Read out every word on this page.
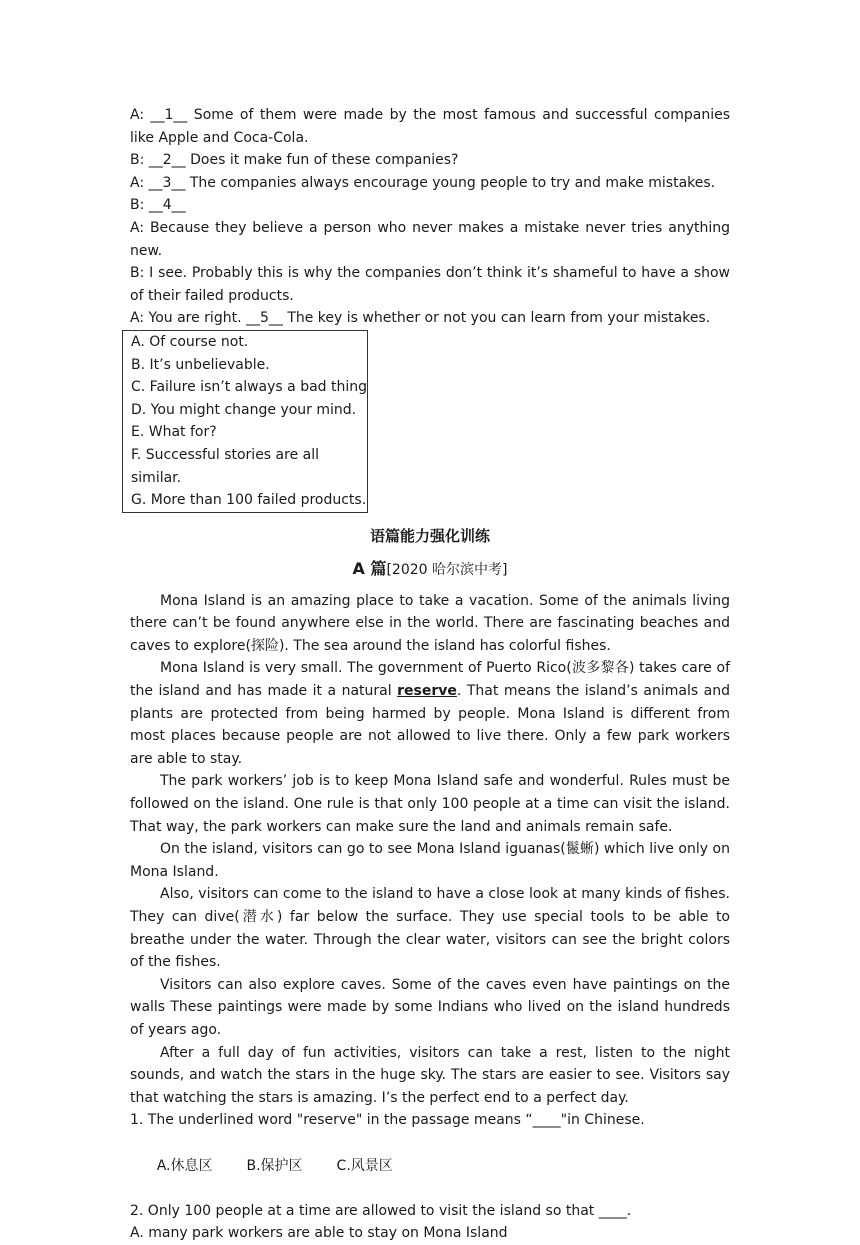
A: __1__ Some of them were made by the most famous and successful companies like Apple and Coca-Cola.

B: __2__ Does it make fun of these companies?

A: __3__ The companies always encourage young people to try and make mistakes.

B: __4__

A: Because they believe a person who never makes a mistake never tries anything new.

B: I see. Probably this is why the companies don’t think it’s shameful to have a show of their failed products.

A: You are right. __5__ The key is whether or not you can learn from your mistakes.

A. Of course not.

B. It’s unbelievable.

C. Failure isn’t always a bad thing

D. You might change your mind.

E. What for?

F. Successful stories are all similar.

G. More than 100 failed products.

语篇能力强化训练
A 篇[2020 哈尔滨中考]

Mona Island is an amazing place to take a vacation. Some of the animals living there can’t be found anywhere else in the world. There are fascinating beaches and caves to explore(探险). The sea around the island has colorful fishes.

Mona Island is very small. The government of Puerto Rico(波多黎各) takes care of the island and has made it a natural reserve. That means the island’s animals and plants are protected from being harmed by people. Mona Island is different from most places because people are not allowed to live there. Only a few park workers are able to stay.

The park workers’ job is to keep Mona Island safe and wonderful. Rules must be followed on the island. One rule is that only 100 people at a time can visit the island. That way, the park workers can make sure the land and animals remain safe.

On the island, visitors can go to see Mona Island iguanas(鬣蜥) which live only on Mona Island.

Also, visitors can come to the island to have a close look at many kinds of fishes. They can dive(潜水) far below the surface. They use special tools to be able to breathe under the water. Through the clear water, visitors can see the bright colors of the fishes.

Visitors can also explore caves. Some of the caves even have paintings on the walls These paintings were made by some Indians who lived on the island hundreds of years ago.

After a full day of fun activities, visitors can take a rest, listen to the night sounds, and watch the stars in the huge sky. The stars are easier to see. Visitors say that watching the stars is amazing. I’s the perfect end to a perfect day.

1. The underlined word "reserve" in the passage means “____"in Chinese.

A.休息区 B.保护区 C.风景区

2. Only 100 people at a time are allowed to visit the island so that ____.

A. many park workers are able to stay on Mona Island
